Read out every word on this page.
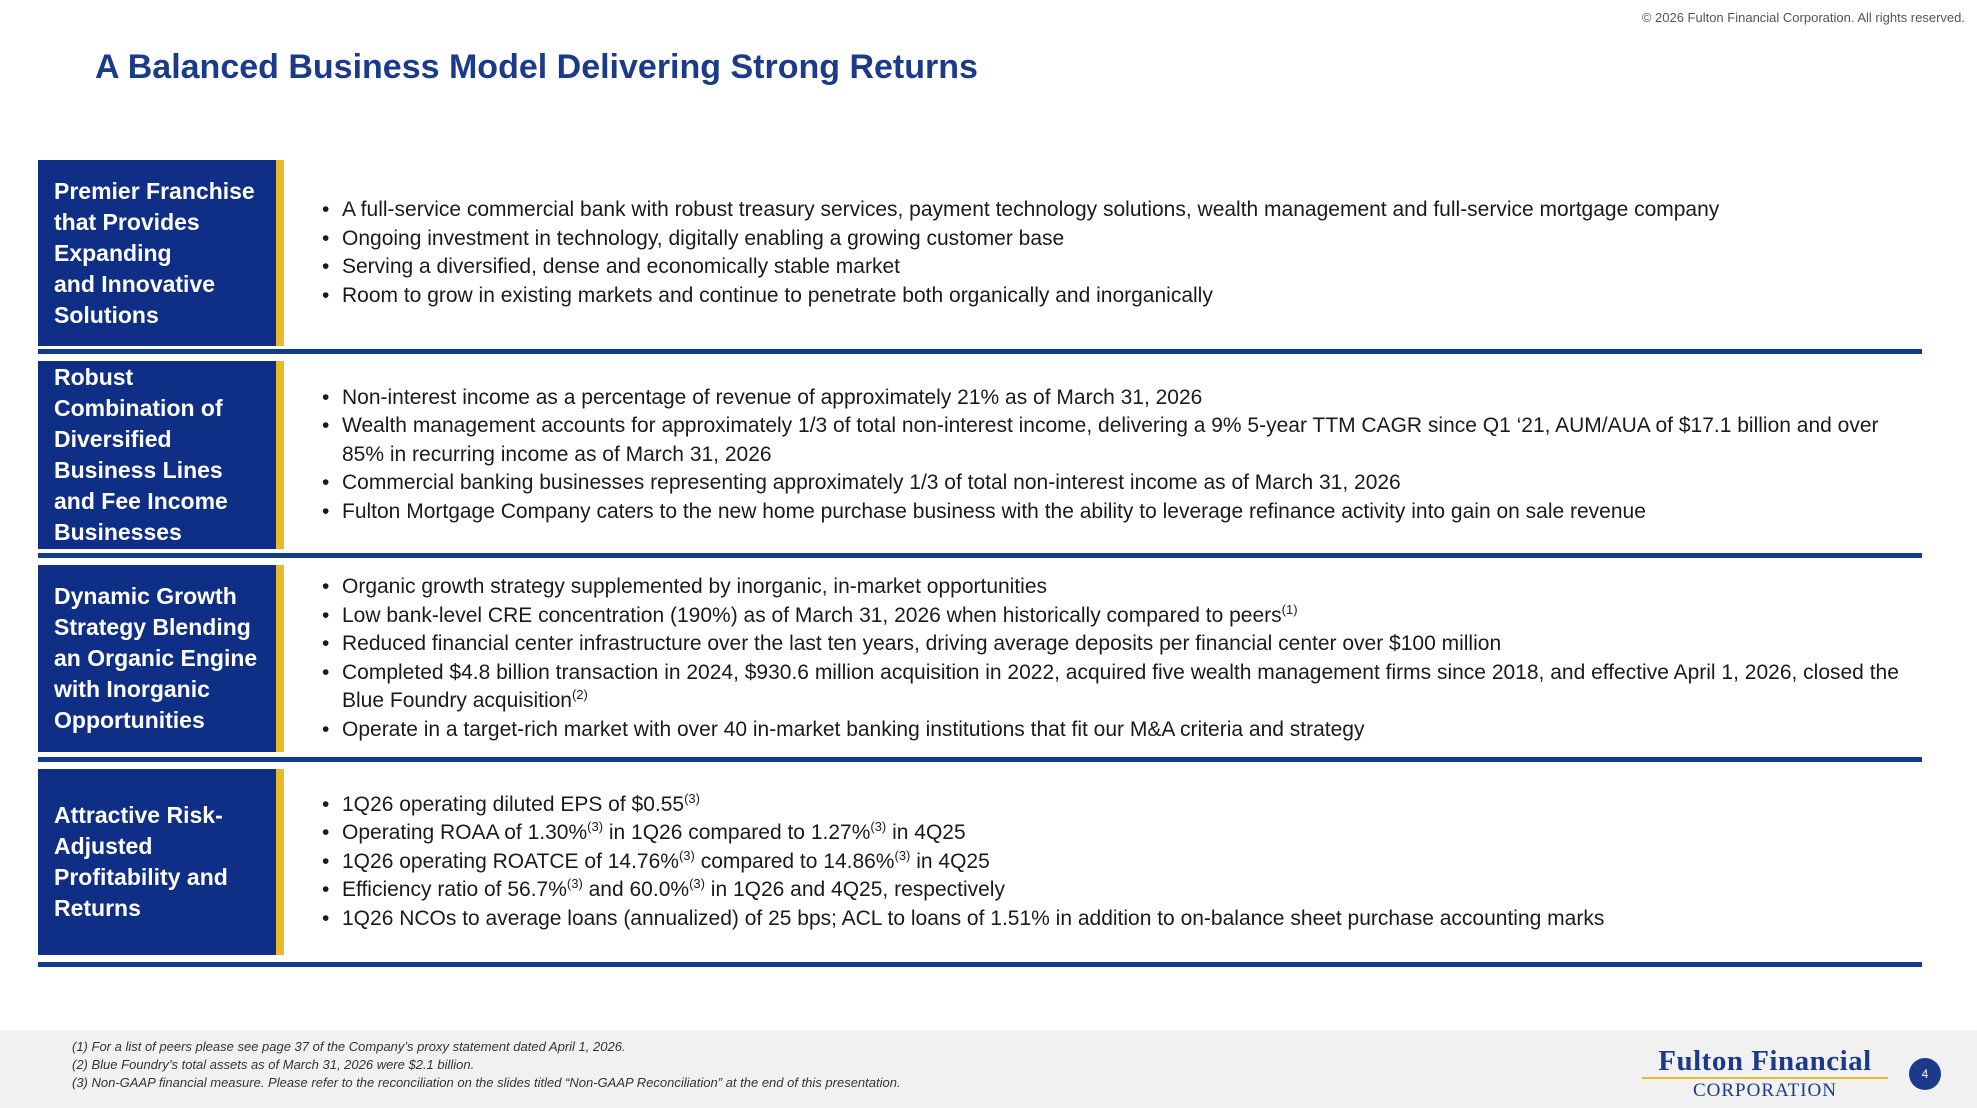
© 2026 Fulton Financial Corporation. All rights reserved.
A Balanced Business Model Delivering Strong Returns
Premier Franchise
that Provides
Expanding
and Innovative
Solutions
• A full-service commercial bank with robust treasury services, payment technology solutions, wealth management and full-service mortgage company
• Ongoing investment in technology, digitally enabling a growing customer base
• Serving a diversified, dense and economically stable market
• Room to grow in existing markets and continue to penetrate both organically and inorganically
Robust
Combination of
Diversified
Business Lines
and Fee Income
Businesses
• Non-interest income as a percentage of revenue of approximately 21% as of March 31, 2026
• Wealth management accounts for approximately 1/3 of total non-interest income, delivering a 9% 5-year TTM CAGR since Q1 ‘21, AUM/AUA of $17.1 billion and over 85% in recurring income as of March 31, 2026
• Commercial banking businesses representing approximately 1/3 of total non-interest income as of March 31, 2026
• Fulton Mortgage Company caters to the new home purchase business with the ability to leverage refinance activity into gain on sale revenue
Dynamic Growth
Strategy Blending
an Organic Engine
with Inorganic
Opportunities
• Organic growth strategy supplemented by inorganic, in-market opportunities
• Low bank-level CRE concentration (190%) as of March 31, 2026 when historically compared to peers$^{(1)}$
• Reduced financial center infrastructure over the last ten years, driving average deposits per financial center over $100 million
• Completed $4.8 billion transaction in 2024, $930.6 million acquisition in 2022, acquired five wealth management firms since 2018, and effective April 1, 2026, closed the Blue Foundry acquisition$^{(2)}$
• Operate in a target-rich market with over 40 in-market banking institutions that fit our M&A criteria and strategy
Attractive Risk-
Adjusted
Profitability and
Returns
• 1Q26 operating diluted EPS of $0.55$^{(3)}$
• Operating ROAA of 1.30%$^{(3)}$ in 1Q26 compared to 1.27%$^{(3)}$ in 4Q25
• 1Q26 operating ROATCE of 14.76%$^{(3)}$ compared to 14.86%$^{(3)}$ in 4Q25
• Efficiency ratio of 56.7%$^{(3)}$ and 60.0%$^{(3)}$ in 1Q26 and 4Q25, respectively
• 1Q26 NCOs to average loans (annualized) of 25 bps; ACL to loans of 1.51% in addition to on-balance sheet purchase accounting marks
(1) For a list of peers please see page 37 of the Company’s proxy statement dated April 1, 2026.
(2) Blue Foundry’s total assets as of March 31, 2026 were $2.1 billion.
(3) Non-GAAP financial measure. Please refer to the reconciliation on the slides titled “Non-GAAP Reconciliation” at the end of this presentation.
Fulton Financial
CORPORATION
4
